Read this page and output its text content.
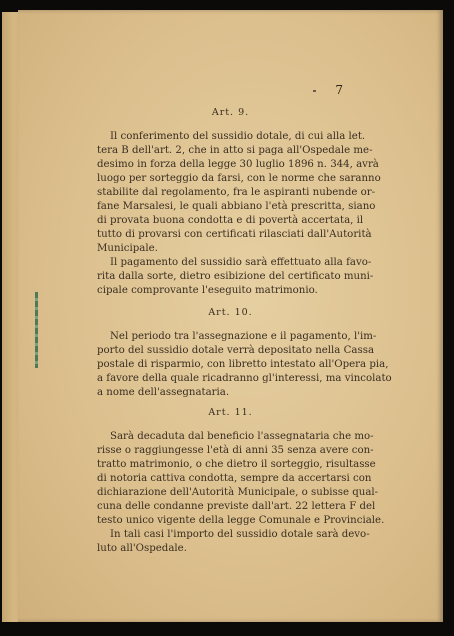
7
Art. 9.
Il conferimento del sussidio dotale, di cui alla let.
tera B dell'art. 2, che in atto si paga all'Ospedale me-
desimo in forza della legge 30 luglio 1896 n. 344, avrà
luogo per sorteggio da farsi, con le norme che saranno
stabilite dal regolamento, fra le aspiranti nubende or-
fane Marsalesi, le quali abbiano l'età prescritta, siano
di provata buona condotta e di povertà accertata, il
tutto di provarsi con certificati rilasciati dall'Autorità
Municipale.
Il pagamento del sussidio sarà effettuato alla favo-
rita dalla sorte, dietro esibizione del certificato muni-
cipale comprovante l'eseguito matrimonio.
Art. 10.
Nel periodo tra l'assegnazione e il pagamento, l'im-
porto del sussidio dotale verrà depositato nella Cassa
postale di risparmio, con libretto intestato all'Opera pia,
a favore della quale ricadranno gl'interessi, ma vincolato a nome dell'assegnataria.
Art. 11.
Sarà decaduta dal beneficio l'assegnataria che mo-
risse o raggiungesse l'età di anni 35 senza avere con-
tratto matrimonio, o che dietro il sorteggio, risultasse
di notoria cattiva condotta, sempre da accertarsi con
dichiarazione dell'Autorità Municipale, o subisse qual-
cuna delle condanne previste dall'art. 22 lettera F del
testo unico vigente della legge Comunale e Provinciale.
In tali casi l'importo del sussidio dotale sarà devo-
luto all'Ospedale.
